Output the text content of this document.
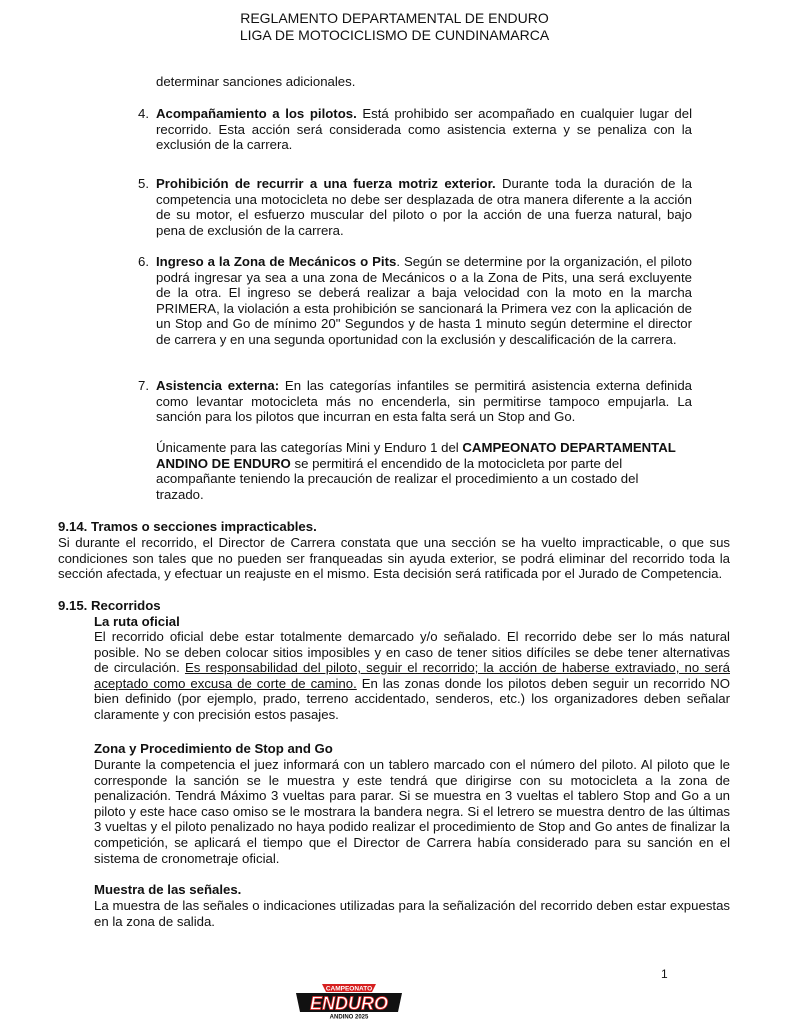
REGLAMENTO DEPARTAMENTAL DE ENDURO
LIGA DE MOTOCICLISMO DE CUNDINAMARCA

determinar sanciones adicionales.

4. Acompañamiento a los pilotos. Está prohibido ser acompañado en cualquier lugar del recorrido. Esta acción será considerada como asistencia externa y se penaliza con la exclusión de la carrera.

5. Prohibición de recurrir a una fuerza motriz exterior. Durante toda la duración de la competencia una motocicleta no debe ser desplazada de otra manera diferente a la acción de su motor, el esfuerzo muscular del piloto o por la acción de una fuerza natural, bajo pena de exclusión de la carrera.

6. Ingreso a la Zona de Mecánicos o Pits. Según se determine por la organización, el piloto podrá ingresar ya sea a una zona de Mecánicos o a la Zona de Pits, una será excluyente de la otra. El ingreso se deberá realizar a baja velocidad con la moto en la marcha PRIMERA, la violación a esta prohibición se sancionará la Primera vez con la aplicación de un Stop and Go de mínimo 20" Segundos y de hasta 1 minuto según determine el director de carrera y en una segunda oportunidad con la exclusión y descalificación de la carrera.

7. Asistencia externa: En las categorías infantiles se permitirá asistencia externa definida como levantar motocicleta más no encenderla, sin permitirse tampoco empujarla. La sanción para los pilotos que incurran en esta falta será un Stop and Go.

Únicamente para las categorías Mini y Enduro 1 del CAMPEONATO DEPARTAMENTAL ANDINO DE ENDURO se permitirá el encendido de la motocicleta por parte del acompañante teniendo la precaución de realizar el procedimiento a un costado del trazado.

9.14. Tramos o secciones impracticables.

Si durante el recorrido, el Director de Carrera constata que una sección se ha vuelto impracticable, o que sus condiciones son tales que no pueden ser franqueadas sin ayuda exterior, se podrá eliminar del recorrido toda la sección afectada, y efectuar un reajuste en el mismo. Esta decisión será ratificada por el Jurado de Competencia.

9.15. Recorridos

La ruta oficial

El recorrido oficial debe estar totalmente demarcado y/o señalado. El recorrido debe ser lo más natural posible. No se deben colocar sitios imposibles y en caso de tener sitios difíciles se debe tener alternativas de circulación. Es responsabilidad del piloto, seguir el recorrido; la acción de haberse extraviado, no será aceptado como excusa de corte de camino. En las zonas donde los pilotos deben seguir un recorrido NO bien definido (por ejemplo, prado, terreno accidentado, senderos, etc.) los organizadores deben señalar claramente y con precisión estos pasajes.

Zona y Procedimiento de Stop and Go

Durante la competencia el juez informará con un tablero marcado con el número del piloto. Al piloto que le corresponde la sanción se le muestra y este tendrá que dirigirse con su motocicleta a la zona de penalización. Tendrá Máximo 3 vueltas para parar. Si se muestra en 3 vueltas el tablero Stop and Go a un piloto y este hace caso omiso se le mostrara la bandera negra. Si el letrero se muestra dentro de las últimas 3 vueltas y el piloto penalizado no haya podido realizar el procedimiento de Stop and Go antes de finalizar la competición, se aplicará el tiempo que el Director de Carrera había considerado para su sanción en el sistema de cronometraje oficial.

Muestra de las señales.

La muestra de las señales o indicaciones utilizadas para la señalización del recorrido deben estar expuestas en la zona de salida.

1
CAMPEONATO
ENDURO
ANDINO 2025
